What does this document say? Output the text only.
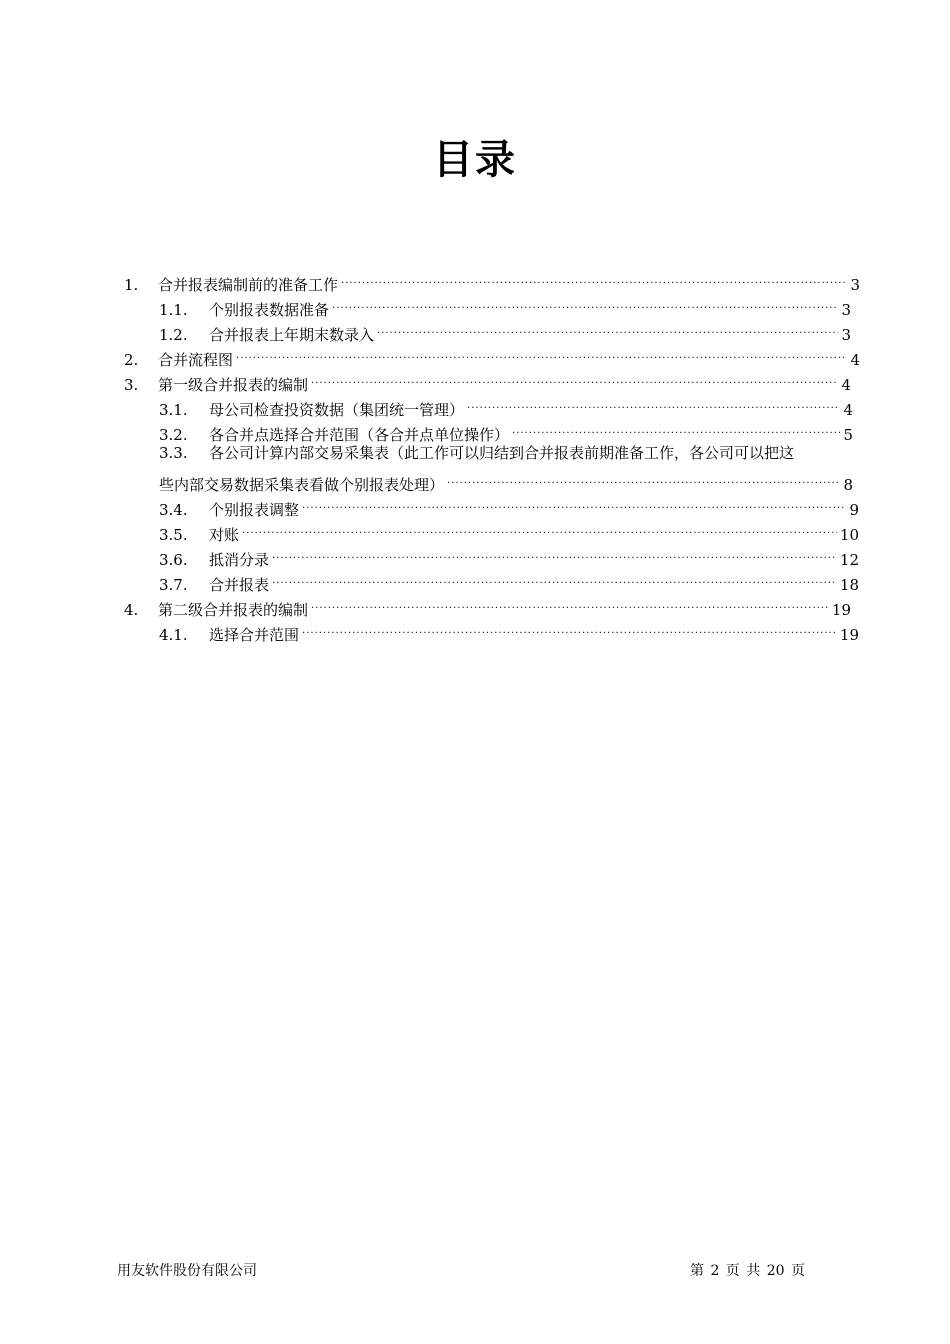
目录
1.	合并报表编制前的准备工作 .....	3
1.1.	个别报表数据准备 .....	3
1.2.	合并报表上年期末数录入 .....	3
2.	合并流程图 .....	4
3.	第一级合并报表的编制 .....	4
3.1.	母公司检查投资数据（集团统一管理） .....	4
3.2.	各合并点选择合并范围（各合并点单位操作） .....	5
3.3. 各公司计算内部交易采集表（此工作可以归结到合并报表前期准备工作，各公司可以把这
些内部交易数据采集表看做个别报表处理） .....	8
3.4.	个别报表调整 .....	9
3.5.	对账 .....	10
3.6.	抵消分录 .....	12
3.7.	合并报表 .....	18
4.	第二级合并报表的编制 .....	19
4.1.	选择合并范围 .....	19
用友软件股份有限公司	第 2 页 共 20 页
